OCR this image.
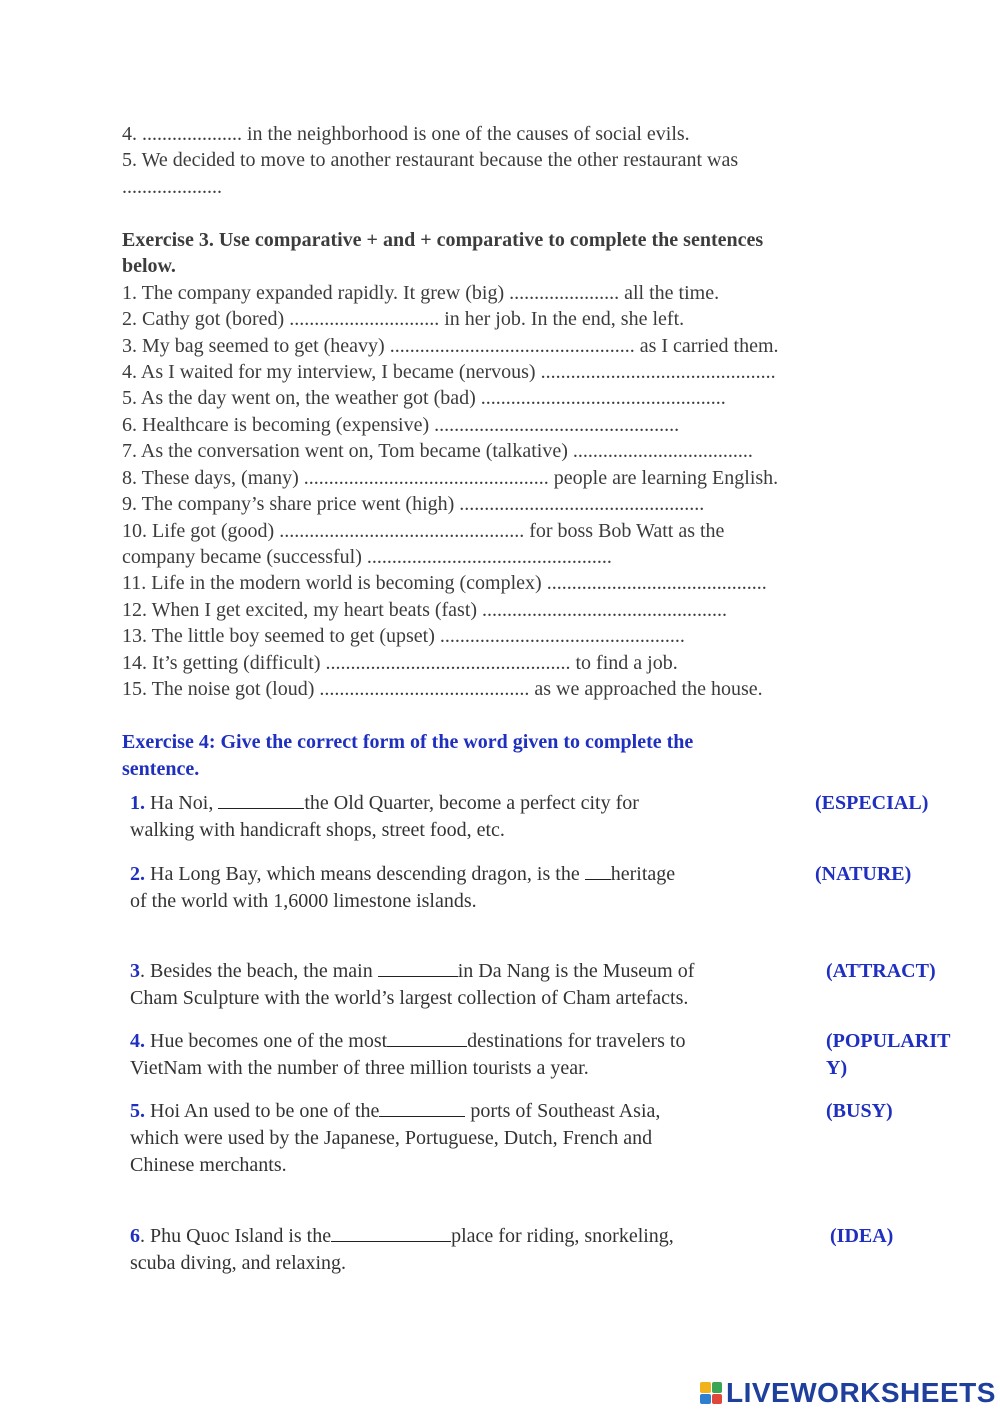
4. .................... in the neighborhood is one of the causes of social evils.
5. We decided to move to another restaurant because the other restaurant was
....................
Exercise 3. Use comparative + and + comparative to complete the sentences
below.
1. The company expanded rapidly. It grew (big) ...................... all the time.
2. Cathy got (bored) .............................. in her job. In the end, she left.
3. My bag seemed to get (heavy) ................................................. as I carried them.
4. As I waited for my interview, I became (nervous) ...............................................
5. As the day went on, the weather got (bad) .................................................
6. Healthcare is becoming (expensive) .................................................
7. As the conversation went on, Tom became (talkative) ....................................
8. These days, (many) ................................................. people are learning English.
9. The company’s share price went (high) .................................................
10. Life got (good) ................................................. for boss Bob Watt as the
company became (successful) .................................................
11. Life in the modern world is becoming (complex) ............................................
12. When I get excited, my heart beats (fast) .................................................
13. The little boy seemed to get (upset) .................................................
14. It’s getting (difficult) ................................................. to find a job.
15. The noise got (loud) .......................................... as we approached the house.
Exercise 4: Give the correct form of the word given to complete the
sentence.
1. Ha Noi,	the Old Quarter, become a perfect city for
walking with handicraft shops, street food, etc.
(ESPECIAL)
2. Ha Long Bay, which means descending dragon, is the heritage
of the world with 1,6000 limestone islands.
(NATURE)
3. Besides the beach, the main	in Da Nang is the Museum of
Cham Sculpture with the world’s largest collection of Cham artefacts.
(ATTRACT)
4. Hue becomes one of the most	destinations for travelers to
VietNam with the number of three million tourists a year.
(POPULARIT
Y)
5. Hoi An used to be one of the	ports of Southeast Asia,
which were used by the Japanese, Portuguese, Dutch, French and
Chinese merchants.
(BUSY)
6. Phu Quoc Island is the	place for riding, snorkeling,
scuba diving, and relaxing.
(IDEA)
LIVEWORKSHEETS
